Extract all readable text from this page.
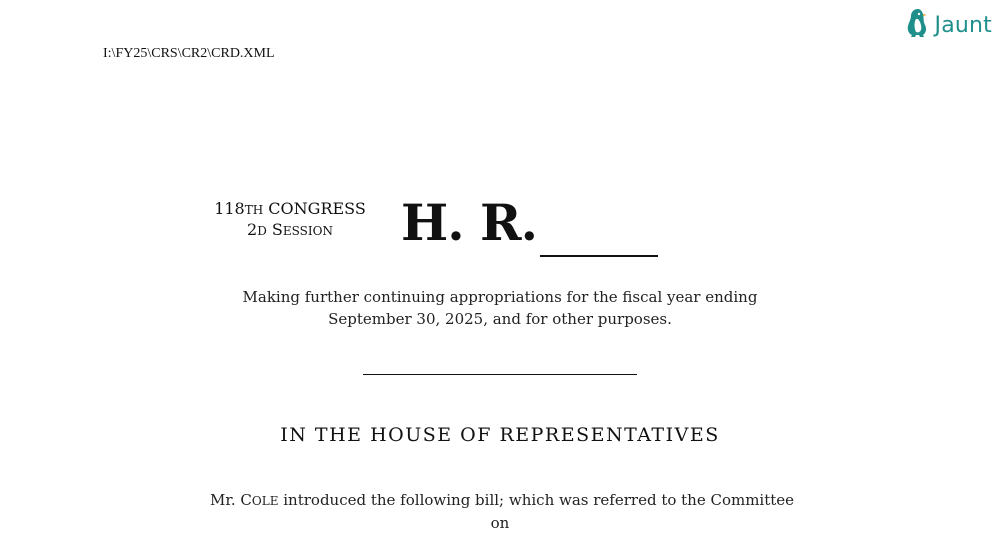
Jaunt
I:\FY25\CRS\CR2\CRD.XML
118TH CONGRESS
2D SESSION	H. R.
Making further continuing appropriations for the fiscal year ending September 30, 2025, and for other purposes.
IN THE HOUSE OF REPRESENTATIVES
Mr. COLE introduced the following bill; which was referred to the Committee
on
